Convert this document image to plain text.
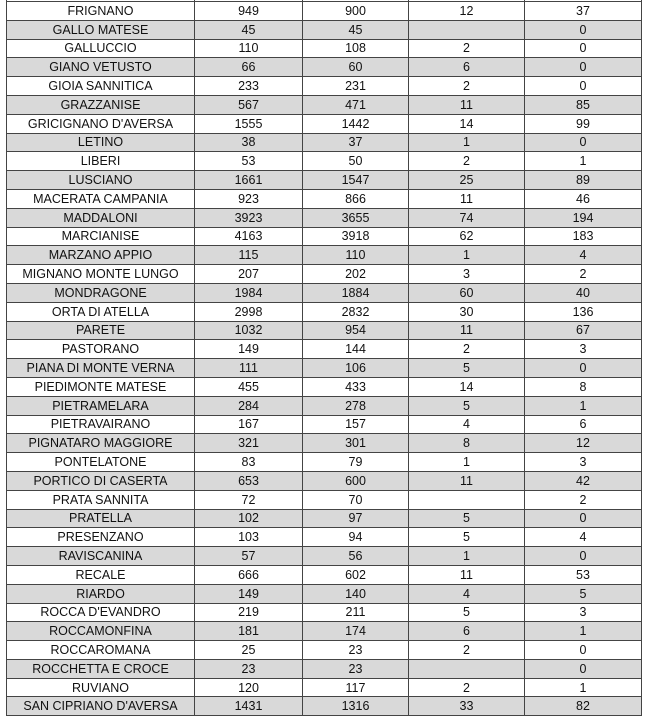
FRIGNANO	949	900	12	37
GALLO MATESE	45	45		0
GALLUCCIO	110	108	2	0
GIANO VETUSTO	66	60	6	0
GIOIA SANNITICA	233	231	2	0
GRAZZANISE	567	471	11	85
GRICIGNANO D'AVERSA	1555	1442	14	99
LETINO	38	37	1	0
LIBERI	53	50	2	1
LUSCIANO	1661	1547	25	89
MACERATA CAMPANIA	923	866	11	46
MADDALONI	3923	3655	74	194
MARCIANISE	4163	3918	62	183
MARZANO APPIO	115	110	1	4
MIGNANO MONTE LUNGO	207	202	3	2
MONDRAGONE	1984	1884	60	40
ORTA DI ATELLA	2998	2832	30	136
PARETE	1032	954	11	67
PASTORANO	149	144	2	3
PIANA DI MONTE VERNA	111	106	5	0
PIEDIMONTE MATESE	455	433	14	8
PIETRAMELARA	284	278	5	1
PIETRAVAIRANO	167	157	4	6
PIGNATARO MAGGIORE	321	301	8	12
PONTELATONE	83	79	1	3
PORTICO DI CASERTA	653	600	11	42
PRATA SANNITA	72	70		2
PRATELLA	102	97	5	0
PRESENZANO	103	94	5	4
RAVISCANINA	57	56	1	0
RECALE	666	602	11	53
RIARDO	149	140	4	5
ROCCA D'EVANDRO	219	211	5	3
ROCCAMONFINA	181	174	6	1
ROCCAROMANA	25	23	2	0
ROCCHETTA E CROCE	23	23		0
RUVIANO	120	117	2	1
SAN CIPRIANO D'AVERSA	1431	1316	33	82
